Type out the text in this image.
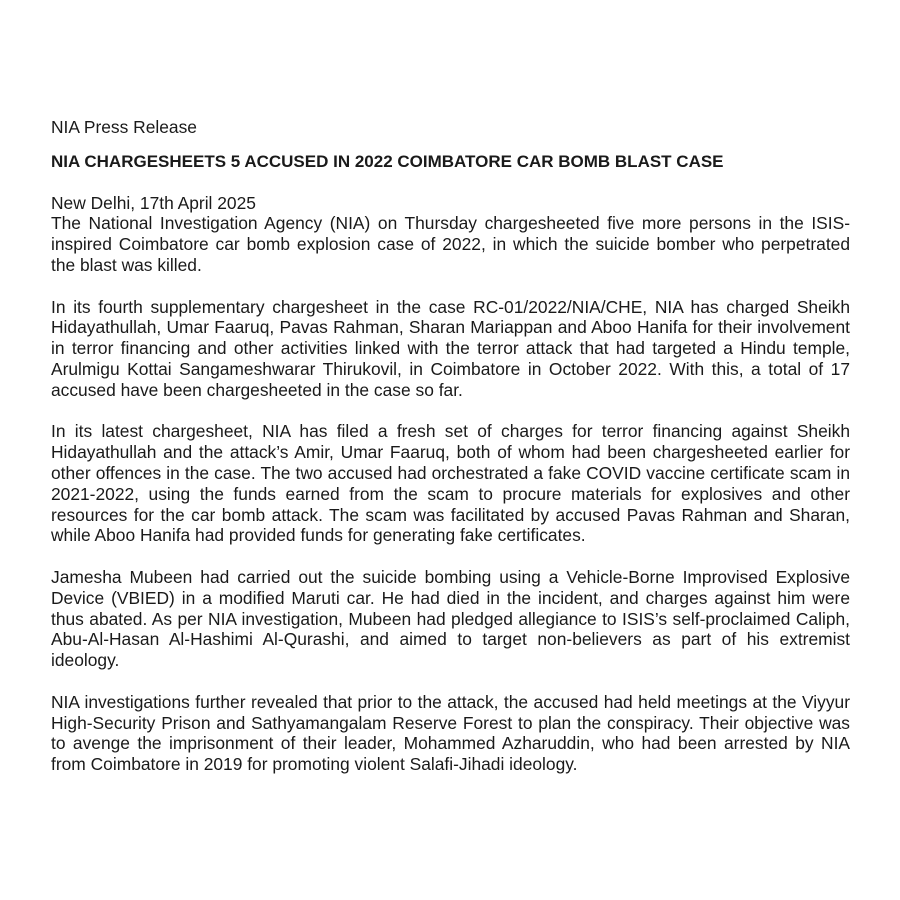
NIA Press Release

NIA CHARGESHEETS 5 ACCUSED IN 2022 COIMBATORE CAR BOMB BLAST CASE

New Delhi, 17th April 2025

The National Investigation Agency (NIA) on Thursday chargesheeted five more persons in the ISIS-inspired Coimbatore car bomb explosion case of 2022, in which the suicide bomber who perpetrated the blast was killed.

In its fourth supplementary chargesheet in the case RC-01/2022/NIA/CHE, NIA has charged Sheikh Hidayathullah, Umar Faaruq, Pavas Rahman, Sharan Mariappan and Aboo Hanifa for their involvement in terror financing and other activities linked with the terror attack that had targeted a Hindu temple, Arulmigu Kottai Sangameshwarar Thirukovil, in Coimbatore in October 2022. With this, a total of 17 accused have been chargesheeted in the case so far.

In its latest chargesheet, NIA has filed a fresh set of charges for terror financing against Sheikh Hidayathullah and the attack’s Amir, Umar Faaruq, both of whom had been chargesheeted earlier for other offences in the case. The two accused had orchestrated a fake COVID vaccine certificate scam in 2021-2022, using the funds earned from the scam to procure materials for explosives and other resources for the car bomb attack. The scam was facilitated by accused Pavas Rahman and Sharan, while Aboo Hanifa had provided funds for generating fake certificates.

Jamesha Mubeen had carried out the suicide bombing using a Vehicle-Borne Improvised Explosive Device (VBIED) in a modified Maruti car. He had died in the incident, and charges against him were thus abated. As per NIA investigation, Mubeen had pledged allegiance to ISIS’s self-proclaimed Caliph, Abu-Al-Hasan Al-Hashimi Al-Qurashi, and aimed to target non-believers as part of his extremist ideology.

NIA investigations further revealed that prior to the attack, the accused had held meetings at the Viyyur High-Security Prison and Sathyamangalam Reserve Forest to plan the conspiracy. Their objective was to avenge the imprisonment of their leader, Mohammed Azharuddin, who had been arrested by NIA from Coimbatore in 2019 for promoting violent Salafi-Jihadi ideology.
